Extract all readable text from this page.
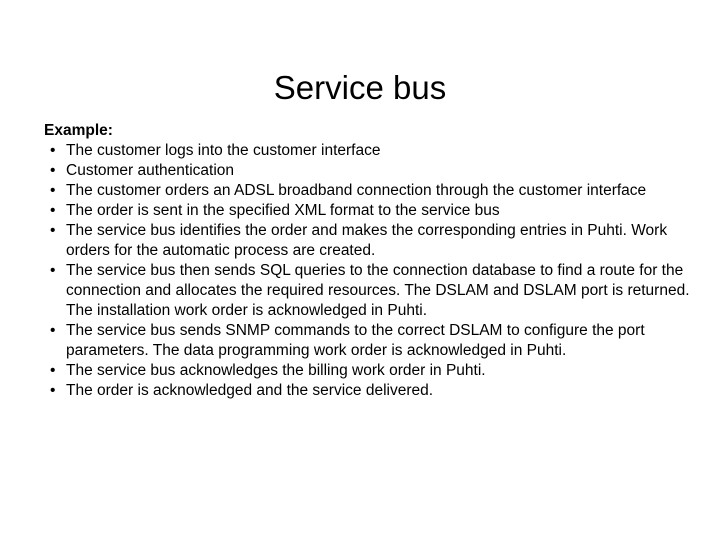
Service bus
Example:
• The customer logs into the customer interface
• Customer authentication
• The customer orders an ADSL broadband connection through the customer interface
• The order is sent in the specified XML format to the service bus
• The service bus identifies the order and makes the corresponding entries in Puhti. Work orders for the automatic process are created.
• The service bus then sends SQL queries to the connection database to find a route for the connection and allocates the required resources. The DSLAM and DSLAM port is returned. The installation work order is acknowledged in Puhti.
• The service bus sends SNMP commands to the correct DSLAM to configure the port parameters. The data programming work order is acknowledged in Puhti.
• The service bus acknowledges the billing work order in Puhti.
• The order is acknowledged and the service delivered.
